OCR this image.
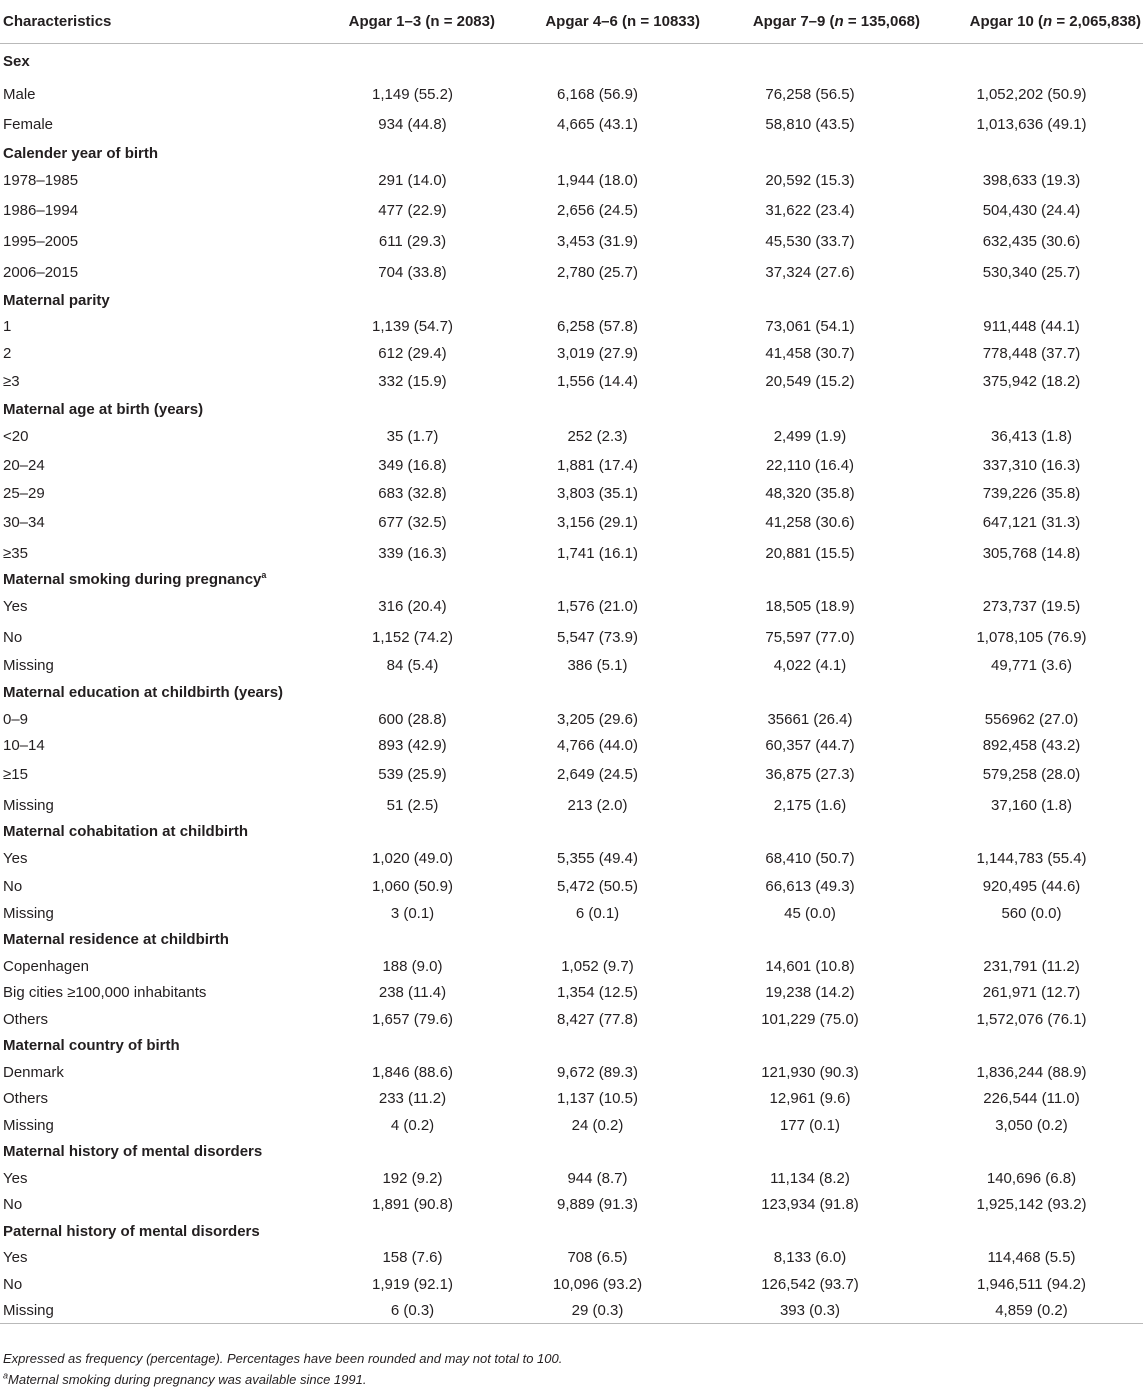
Characteristics	Apgar 1–3 (n = 2083)	Apgar 4–6 (n = 10833)	Apgar 7–9 (n = 135,068)	Apgar 10 (n = 2,065,838)
Sex				
Male	1,149 (55.2)	6,168 (56.9)	76,258 (56.5)	1,052,202 (50.9)
Female	934 (44.8)	4,665 (43.1)	58,810 (43.5)	1,013,636 (49.1)
Calender year of birth				
1978–1985	291 (14.0)	1,944 (18.0)	20,592 (15.3)	398,633 (19.3)
1986–1994	477 (22.9)	2,656 (24.5)	31,622 (23.4)	504,430 (24.4)
1995–2005	611 (29.3)	3,453 (31.9)	45,530 (33.7)	632,435 (30.6)
2006–2015	704 (33.8)	2,780 (25.7)	37,324 (27.6)	530,340 (25.7)
Maternal parity				
1	1,139 (54.7)	6,258 (57.8)	73,061 (54.1)	911,448 (44.1)
2	612 (29.4)	3,019 (27.9)	41,458 (30.7)	778,448 (37.7)
≥3	332 (15.9)	1,556 (14.4)	20,549 (15.2)	375,942 (18.2)
Maternal age at birth (years)				
<20	35 (1.7)	252 (2.3)	2,499 (1.9)	36,413 (1.8)
20–24	349 (16.8)	1,881 (17.4)	22,110 (16.4)	337,310 (16.3)
25–29	683 (32.8)	3,803 (35.1)	48,320 (35.8)	739,226 (35.8)
30–34	677 (32.5)	3,156 (29.1)	41,258 (30.6)	647,121 (31.3)
≥35	339 (16.3)	1,741 (16.1)	20,881 (15.5)	305,768 (14.8)
Maternal smoking during pregnancy$^a$
Yes	316 (20.4)	1,576 (21.0)	18,505 (18.9)	273,737 (19.5)
No	1,152 (74.2)	5,547 (73.9)	75,597 (77.0)	1,078,105 (76.9)
Missing	84 (5.4)	386 (5.1)	4,022 (4.1)	49,771 (3.6)
Maternal education at childbirth (years)				
0–9	600 (28.8)	3,205 (29.6)	35661 (26.4)	556962 (27.0)
10–14	893 (42.9)	4,766 (44.0)	60,357 (44.7)	892,458 (43.2)
≥15	539 (25.9)	2,649 (24.5)	36,875 (27.3)	579,258 (28.0)
Missing	51 (2.5)	213 (2.0)	2,175 (1.6)	37,160 (1.8)
Maternal cohabitation at childbirth				
Yes	1,020 (49.0)	5,355 (49.4)	68,410 (50.7)	1,144,783 (55.4)
No	1,060 (50.9)	5,472 (50.5)	66,613 (49.3)	920,495 (44.6)
Missing	3 (0.1)	6 (0.1)	45 (0.0)	560 (0.0)
Maternal residence at childbirth				
Copenhagen	188 (9.0)	1,052 (9.7)	14,601 (10.8)	231,791 (11.2)
Big cities ≥100,000 inhabitants	238 (11.4)	1,354 (12.5)	19,238 (14.2)	261,971 (12.7)
Others	1,657 (79.6)	8,427 (77.8)	101,229 (75.0)	1,572,076 (76.1)
Maternal country of birth				
Denmark	1,846 (88.6)	9,672 (89.3)	121,930 (90.3)	1,836,244 (88.9)
Others	233 (11.2)	1,137 (10.5)	12,961 (9.6)	226,544 (11.0)
Missing	4 (0.2)	24 (0.2)	177 (0.1)	3,050 (0.2)
Maternal history of mental disorders				
Yes	192 (9.2)	944 (8.7)	11,134 (8.2)	140,696 (6.8)
No	1,891 (90.8)	9,889 (91.3)	123,934 (91.8)	1,925,142 (93.2)
Paternal history of mental disorders				
Yes	158 (7.6)	708 (6.5)	8,133 (6.0)	114,468 (5.5)
No	1,919 (92.1)	10,096 (93.2)	126,542 (93.7)	1,946,511 (94.2)
Missing	6 (0.3)	29 (0.3)	393 (0.3)	4,859 (0.2)
Expressed as frequency (percentage). Percentages have been rounded and may not total to 100.
$^a$Maternal smoking during pregnancy was available since 1991.
